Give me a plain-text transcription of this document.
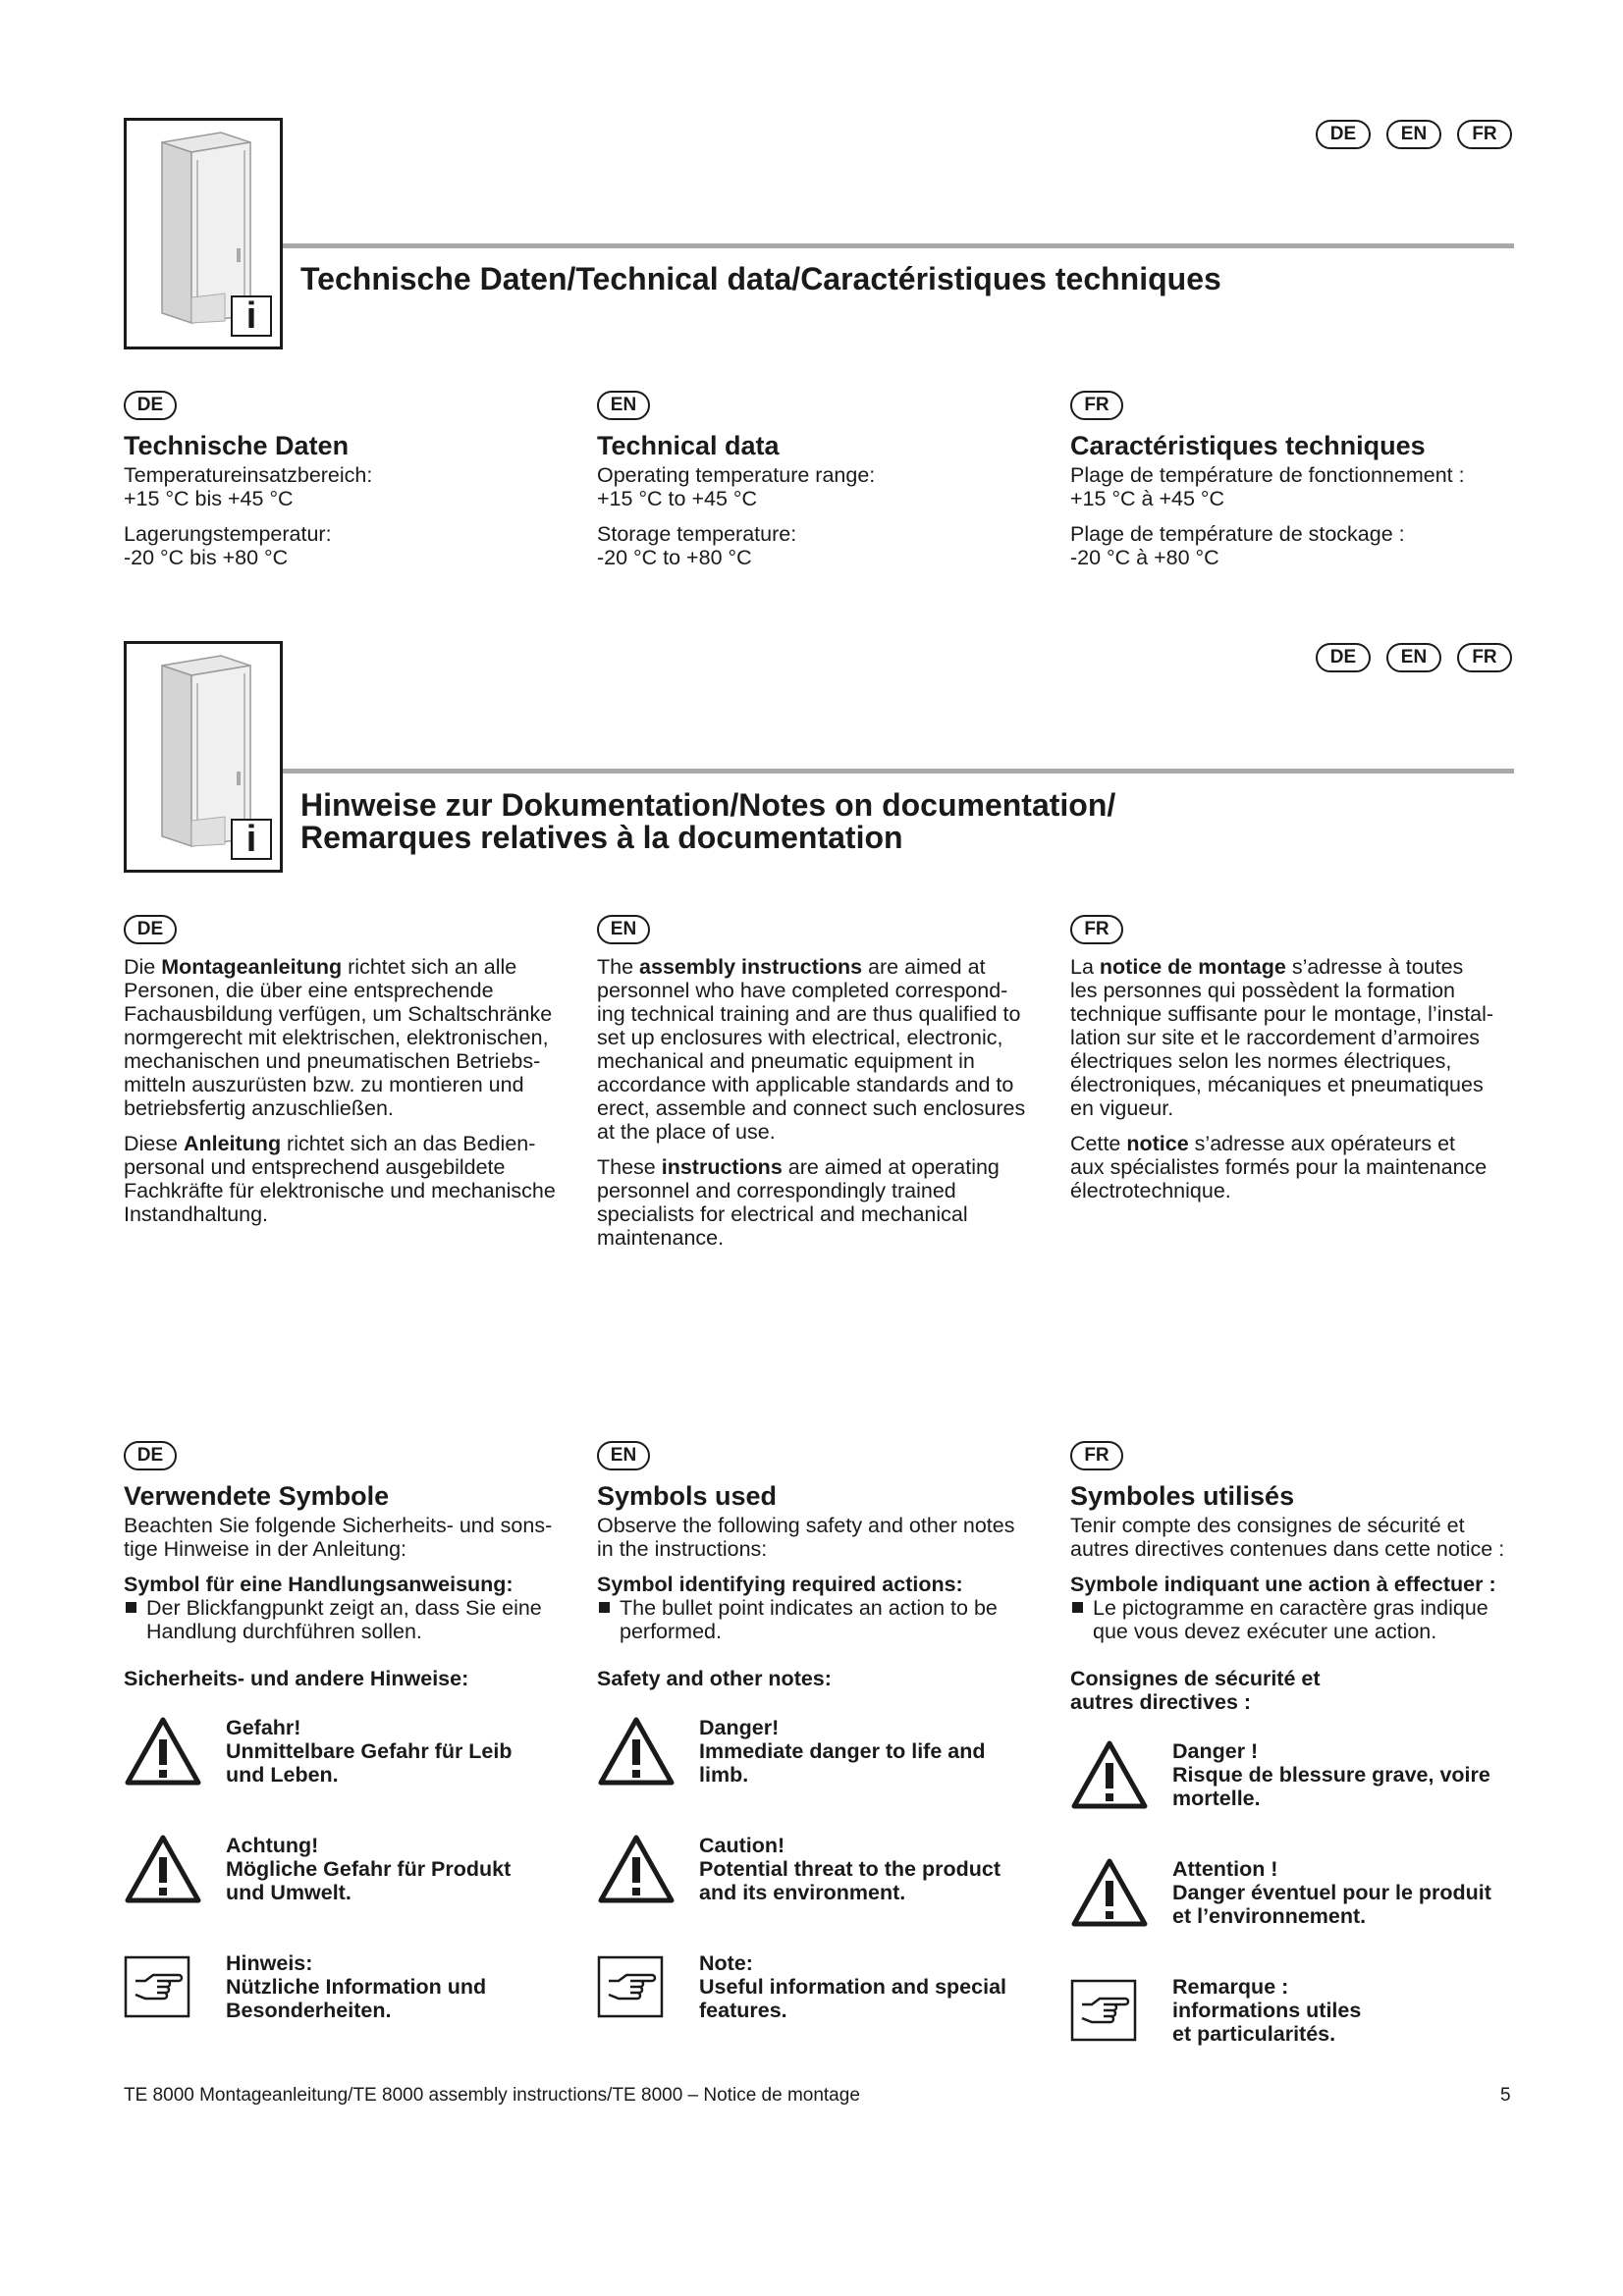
DE	EN	FR
i
Technische Daten/Technical data/Caractéristiques techniques
DE	EN	FR

Technische Daten

Temperatureinsatzbereich:

+15 °C bis +45 °C

Lagerungstemperatur:

-20 °C bis +80 °C

Technical data

Operating temperature range:

+15 °C to +45 °C

Storage temperature:

-20 °C to +80 °C

Caractéristiques techniques

Plage de température de fonctionnement :

+15 °C à +45 °C

Plage de température de stockage :

-20 °C à +80 °C

DE	EN	FR
i
Hinweise zur Dokumentation/Notes on documentation/
Remarques relatives à la documentation
DE	EN	FR

Die Montageanleitung richtet sich an alle

Personen, die über eine entsprechende

Fachausbildung verfügen, um Schaltschränke

normgerecht mit elektrischen, elektronischen,

mechanischen und pneumatischen Betriebs-

mitteln auszurüsten bzw. zu montieren und

betriebsfertig anzuschließen.

Diese Anleitung richtet sich an das Bedien-

personal und entsprechend ausgebildete

Fachkräfte für elektronische und mechanische

Instandhaltung.

The assembly instructions are aimed at

personnel who have completed correspond-

ing technical training and are thus qualified to

set up enclosures with electrical, electronic,

mechanical and pneumatic equipment in

accordance with applicable standards and to

erect, assemble and connect such enclosures

at the place of use.

These instructions are aimed at operating

personnel and correspondingly trained

specialists for electrical and mechanical

maintenance.

La notice de montage s’adresse à toutes

les personnes qui possèdent la formation

technique suffisante pour le montage, l’instal-

lation sur site et le raccordement d’armoires

électriques selon les normes électriques,

électroniques, mécaniques et pneumatiques

en vigueur.

Cette notice s’adresse aux opérateurs et

aux spécialistes formés pour la maintenance

électrotechnique.

DE	EN	FR

Verwendete Symbole

Beachten Sie folgende Sicherheits- und sons-

tige Hinweise in der Anleitung:

Symbol für eine Handlungsanweisung:

Der Blickfangpunkt zeigt an, dass Sie eine

Handlung durchführen sollen.

Sicherheits- und andere Hinweise:

Symbols used

Observe the following safety and other notes

in the instructions:

Symbol identifying required actions:

The bullet point indicates an action to be

performed.

Safety and other notes:

Symboles utilisés

Tenir compte des consignes de sécurité et

autres directives contenues dans cette notice :

Symbole indiquant une action à effectuer :

Le pictogramme en caractère gras indique

que vous devez exécuter une action.

Consignes de sécurité et

autres directives :

Gefahr!

Unmittelbare Gefahr für Leib

und Leben.

Achtung!

Mögliche Gefahr für Produkt

und Umwelt.

Hinweis:

Nützliche Information und

Besonderheiten.

Danger!

Immediate danger to life and

limb.

Caution!

Potential threat to the product

and its environment.

Note:

Useful information and special

features.

Danger !

Risque de blessure grave, voire

mortelle.

Attention !

Danger éventuel pour le produit

et l’environnement.

Remarque :

informations utiles

et particularités.

TE 8000 Montageanleitung/TE 8000 assembly instructions/TE 8000 – Notice de montage	5
